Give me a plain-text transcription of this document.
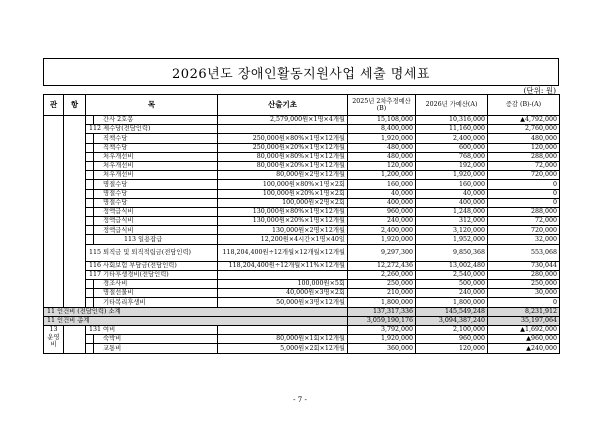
2026년도 장애인활동지원사업 세출 명세표
(단위: 원)
관	항	목		산출기초	2025년 2차추경예산(B)	2026년 가예산(A)	증감 (B)-(A)
			간사 2호봉	2,579,000원×1명×4개월	15,108,000	10,316,000	▲4,792,000
		112 제수당(전담인력)			8,400,000	11,160,000	2,760,000
			직책수당	250,000원×80%×1명×12개월	1,920,000	2,400,000	480,000
			직책수당	250,000원×20%×1명×12개월	480,000	600,000	120,000
			처우개선비	80,000원×80%×1명×12개월	480,000	768,000	288,000
			처우개선비	80,000원×20%×1명×12개월	120,000	192,000	72,000
			처우개선비	80,000원×2명×12개월	1,200,000	1,920,000	720,000
			명절수당	100,000원×80%×1명×2회	160,000	160,000	0
			명절수당	100,000원×20%×1명×2회	40,000	40,000	0
			명절수당	100,000원×2명×2회	400,000	400,000	0
			정액급식비	130,000원×80%×1명×12개월	960,000	1,248,000	288,000
			정액급식비	130,000원×20%×1명×12개월	240,000	312,000	72,000
			정액급식비	130,000원×2명×12개월	2,400,000	3,120,000	720,000
			113 일용잡급	12,200원×4시간×1명×40일	1,920,000	1,952,000	32,000
		115 퇴직금 및 퇴직적립금(전담인력)		118,204,400원÷12개월×12개월×12개월	9,297,300	9,850,368	553,068
		116 사회보험 부담금(전담인력)		118,204,400원÷12개월×11%×12개월	12,272,436	13,002,480	730,044
		117 기타후생경비(전담인력)			2,260,000	2,540,000	280,000
			경조사비	100,000원×5회	250,000	500,000	250,000
			명절선물비	40,000원×3명×2회	210,000	240,000	30,000
			기타복리후생비	50,000원×3명×12개월	1,800,000	1,800,000	0
11 인건비 (전담인력) 소계					137,317,336	145,549,248	8,231,912
11 인건비 총계					3,059,190,176	3,094,387,240	35,197,064
13 운영비		131 여비			3,792,000	2,100,000	▲1,692,000
			숙박비	80,000원×1회×12개월	1,920,000	960,000	▲960,000
			교통비	5,000원×2회×12개월	360,000	120,000	▲240,000
- 7 -
